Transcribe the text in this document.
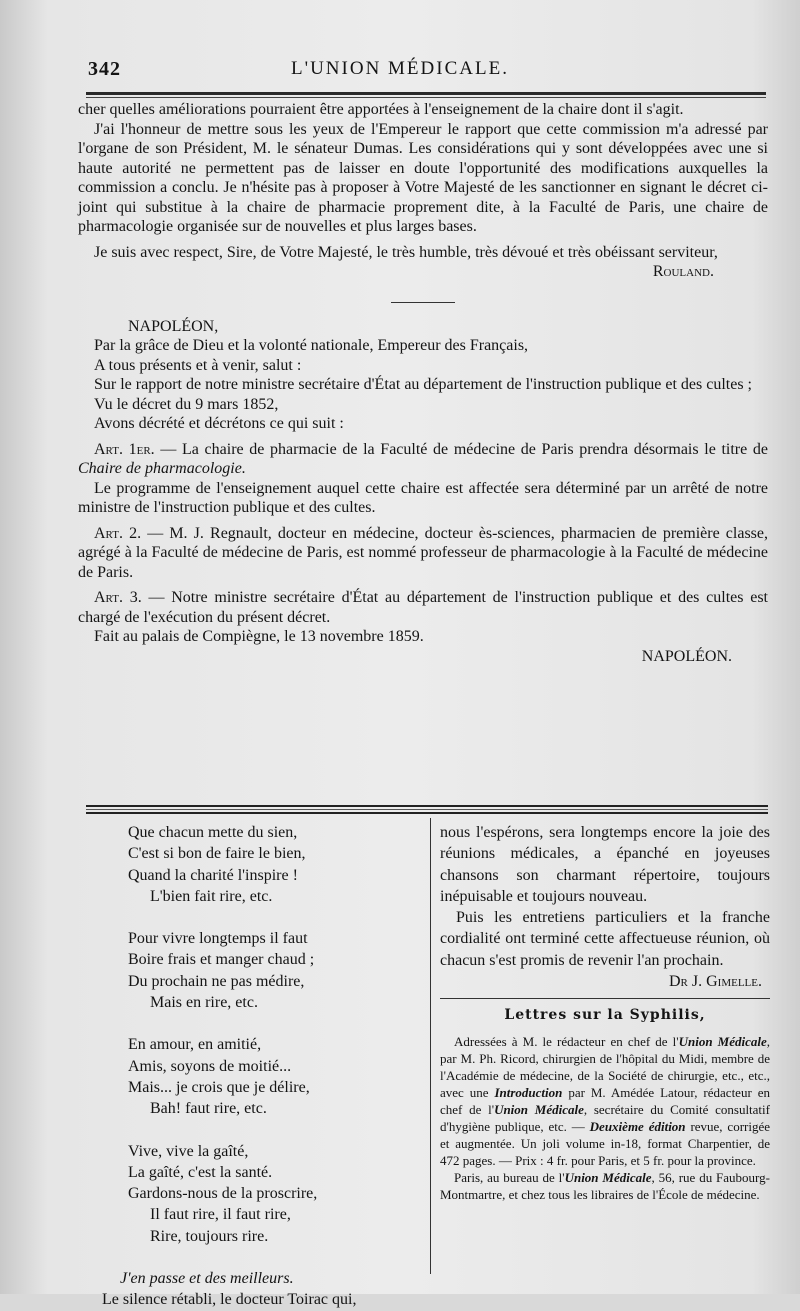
342	L'UNION MÉDICALE.

cher quelles améliorations pourraient être apportées à l'enseignement de la chaire dont il s'agit.

J'ai l'honneur de mettre sous les yeux de l'Empereur le rapport que cette commission m'a adressé par l'organe de son Président, M. le sénateur Dumas. Les considérations qui y sont développées avec une si haute autorité ne permettent pas de laisser en doute l'opportunité des modifications auxquelles la commission a conclu. Je n'hésite pas à proposer à Votre Majesté de les sanctionner en signant le décret ci-joint qui substitue à la chaire de pharmacie proprement dite, à la Faculté de Paris, une chaire de pharmacologie organisée sur de nouvelles et plus larges bases.

Je suis avec respect, Sire, de Votre Majesté, le très humble, très dévoué et très obéissant serviteur,

Rouland.

NAPOLÉON,

Par la grâce de Dieu et la volonté nationale, Empereur des Français,

A tous présents et à venir, salut :

Sur le rapport de notre ministre secrétaire d'État au département de l'instruction publique et des cultes ;

Vu le décret du 9 mars 1852,

Avons décrété et décrétons ce qui suit :

Art. 1er. — La chaire de pharmacie de la Faculté de médecine de Paris prendra désormais le titre de Chaire de pharmacologie.

Le programme de l'enseignement auquel cette chaire est affectée sera déterminé par un arrêté de notre ministre de l'instruction publique et des cultes.

Art. 2. — M. J. Regnault, docteur en médecine, docteur ès-sciences, pharmacien de première classe, agrégé à la Faculté de médecine de Paris, est nommé professeur de pharmacologie à la Faculté de médecine de Paris.

Art. 3. — Notre ministre secrétaire d'État au département de l'instruction publique et des cultes est chargé de l'exécution du présent décret.

Fait au palais de Compiègne, le 13 novembre 1859.

NAPOLÉON.

Que chacun mette du sien,

C'est si bon de faire le bien,

Quand la charité l'inspire !

L'bien fait rire, etc.

Pour vivre longtemps il faut

Boire frais et manger chaud ;

Du prochain ne pas médire,

Mais en rire, etc.

En amour, en amitié,

Amis, soyons de moitié...

Mais... je crois que je délire,

Bah! faut rire, etc.

Vive, vive la gaîté,

La gaîté, c'est la santé.

Gardons-nous de la proscrire,

Il faut rire, il faut rire,

Rire, toujours rire.

J'en passe et des meilleurs.

Le silence rétabli, le docteur Toirac qui,

nous l'espérons, sera longtemps encore la joie des réunions médicales, a épanché en joyeuses chansons son charmant répertoire, toujours inépuisable et toujours nouveau.

Puis les entretiens particuliers et la franche cordialité ont terminé cette affectueuse réunion, où chacun s'est promis de revenir l'an prochain.

Dr J. Gimelle.

Lettres sur la Syphilis,

Adressées à M. le rédacteur en chef de l'Union Médicale, par M. Ph. Ricord, chirurgien de l'hôpital du Midi, membre de l'Académie de médecine, de la Société de chirurgie, etc., etc., avec une Introduction par M. Amédée Latour, rédacteur en chef de l'Union Médicale, secrétaire du Comité consultatif d'hygiène publique, etc. — Deuxième édition revue, corrigée et augmentée. Un joli volume in-18, format Charpentier, de 472 pages. — Prix : 4 fr. pour Paris, et 5 fr. pour la province.

Paris, au bureau de l'Union Médicale, 56, rue du Faubourg-Montmartre, et chez tous les libraires de l'École de médecine.
